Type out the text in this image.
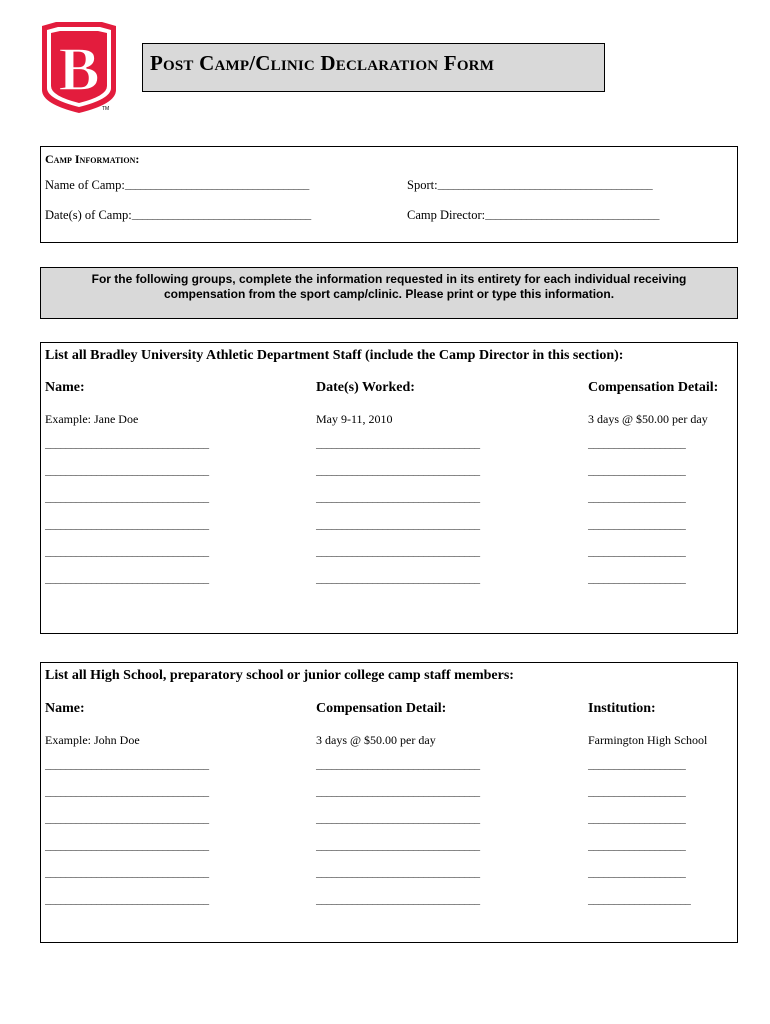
B
TM
Post Camp/Clinic Declaration Form
Camp Information:
Name of Camp:____________________________________	Sport:__________________________________________
Date(s) of Camp:___________________________________	Camp Director:__________________________________
For the following groups, complete the information requested in its entirety for each individual receiving
compensation from the sport camp/clinic. Please print or type this information.
List all Bradley University Athletic Department Staff (include the Camp Director in this section):
Name:	Date(s) Worked:	Compensation Detail:
Example: Jane Doe	May 9-11, 2010	3 days @ $50.00 per day
________________________________	________________________________	___________________
________________________________	________________________________	___________________
________________________________	________________________________	___________________
________________________________	________________________________	___________________
________________________________	________________________________	___________________
________________________________	________________________________	___________________
List all High School, preparatory school or junior college camp staff members:
Name:	Compensation Detail:	Institution:
Example: John Doe	3 days @ $50.00 per day	Farmington High School
________________________________	________________________________	___________________
________________________________	________________________________	___________________
________________________________	________________________________	___________________
________________________________	________________________________	___________________
________________________________	________________________________	___________________
________________________________	________________________________	____________________
